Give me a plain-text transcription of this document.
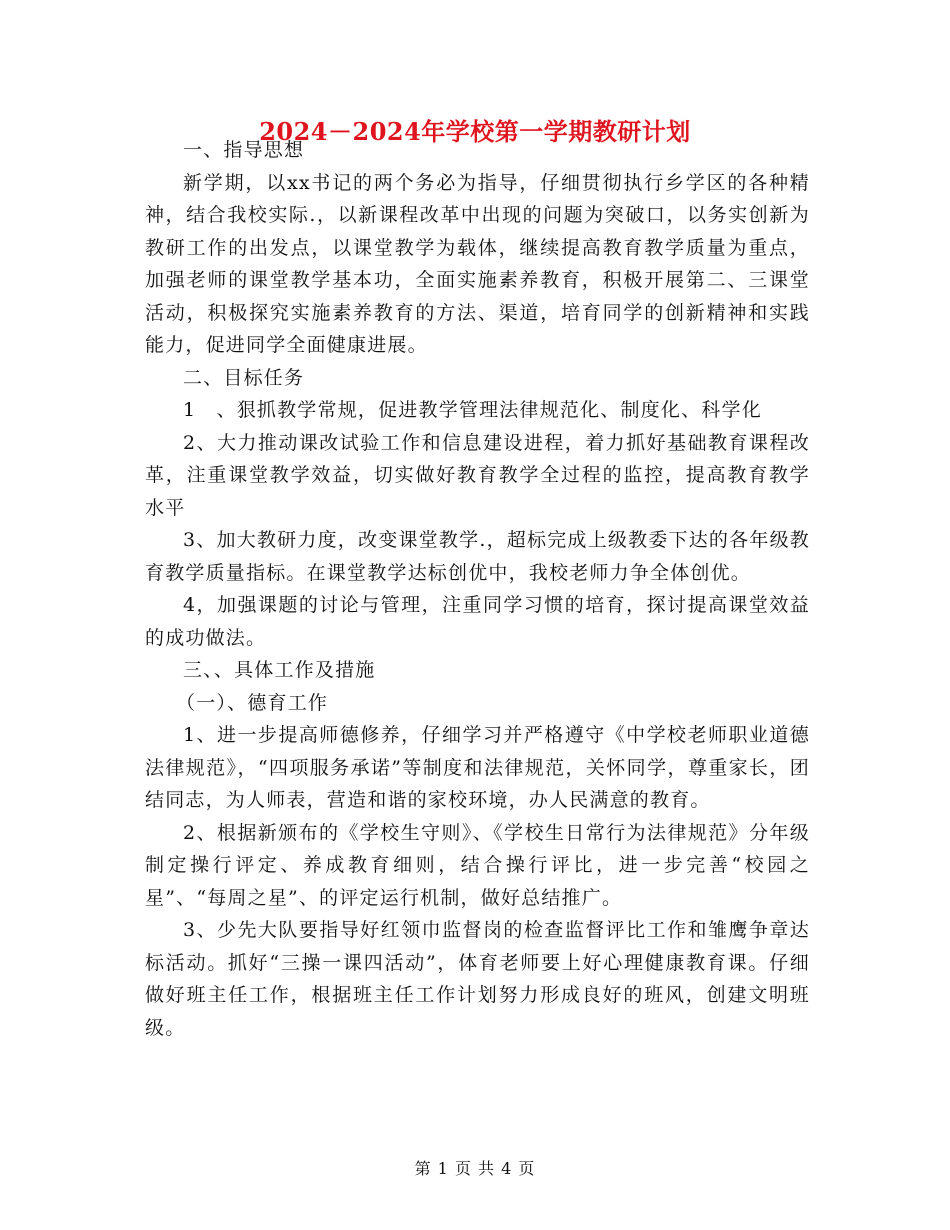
2024－2024年学校第一学期教研计划

一、指导思想

新学期，以xx书记的两个务必为指导，仔细贯彻执行乡学区的各种精神，结合我校实际.，以新课程改革中出现的问题为突破口，以务实创新为教研工作的出发点，以课堂教学为载体，继续提高教育教学质量为重点，加强老师的课堂教学基本功，全面实施素养教育，积极开展第二、三课堂活动，积极探究实施素养教育的方法、渠道，培育同学的创新精神和实践能力，促进同学全面健康进展。

二、目标任务

1　、狠抓教学常规，促进教学管理法律规范化、制度化、科学化

2、大力推动课改试验工作和信息建设进程，着力抓好基础教育课程改革，注重课堂教学效益，切实做好教育教学全过程的监控，提高教育教学水平

3、加大教研力度，改变课堂教学.，超标完成上级教委下达的各年级教育教学质量指标。在课堂教学达标创优中，我校老师力争全体创优。

4，加强课题的讨论与管理，注重同学习惯的培育，探讨提高课堂效益的成功做法。

三、、具体工作及措施

（一）、德育工作

1、进一步提高师德修养，仔细学习并严格遵守《中学校老师职业道德法律规范》，“四项服务承诺”等制度和法律规范，关怀同学，尊重家长，团结同志，为人师表，营造和谐的家校环境，办人民满意的教育。

2、根据新颁布的《学校生守则》、《学校生日常行为法律规范》分年级制定操行评定、养成教育细则，结合操行评比，进一步完善“校园之星”、“每周之星”、的评定运行机制，做好总结推广。

3、少先大队要指导好红领巾监督岗的检查监督评比工作和雏鹰争章达标活动。抓好“三操一课四活动”，体育老师要上好心理健康教育课。仔细做好班主任工作，根据班主任工作计划努力形成良好的班风，创建文明班级。

第 1 页 共 4 页
